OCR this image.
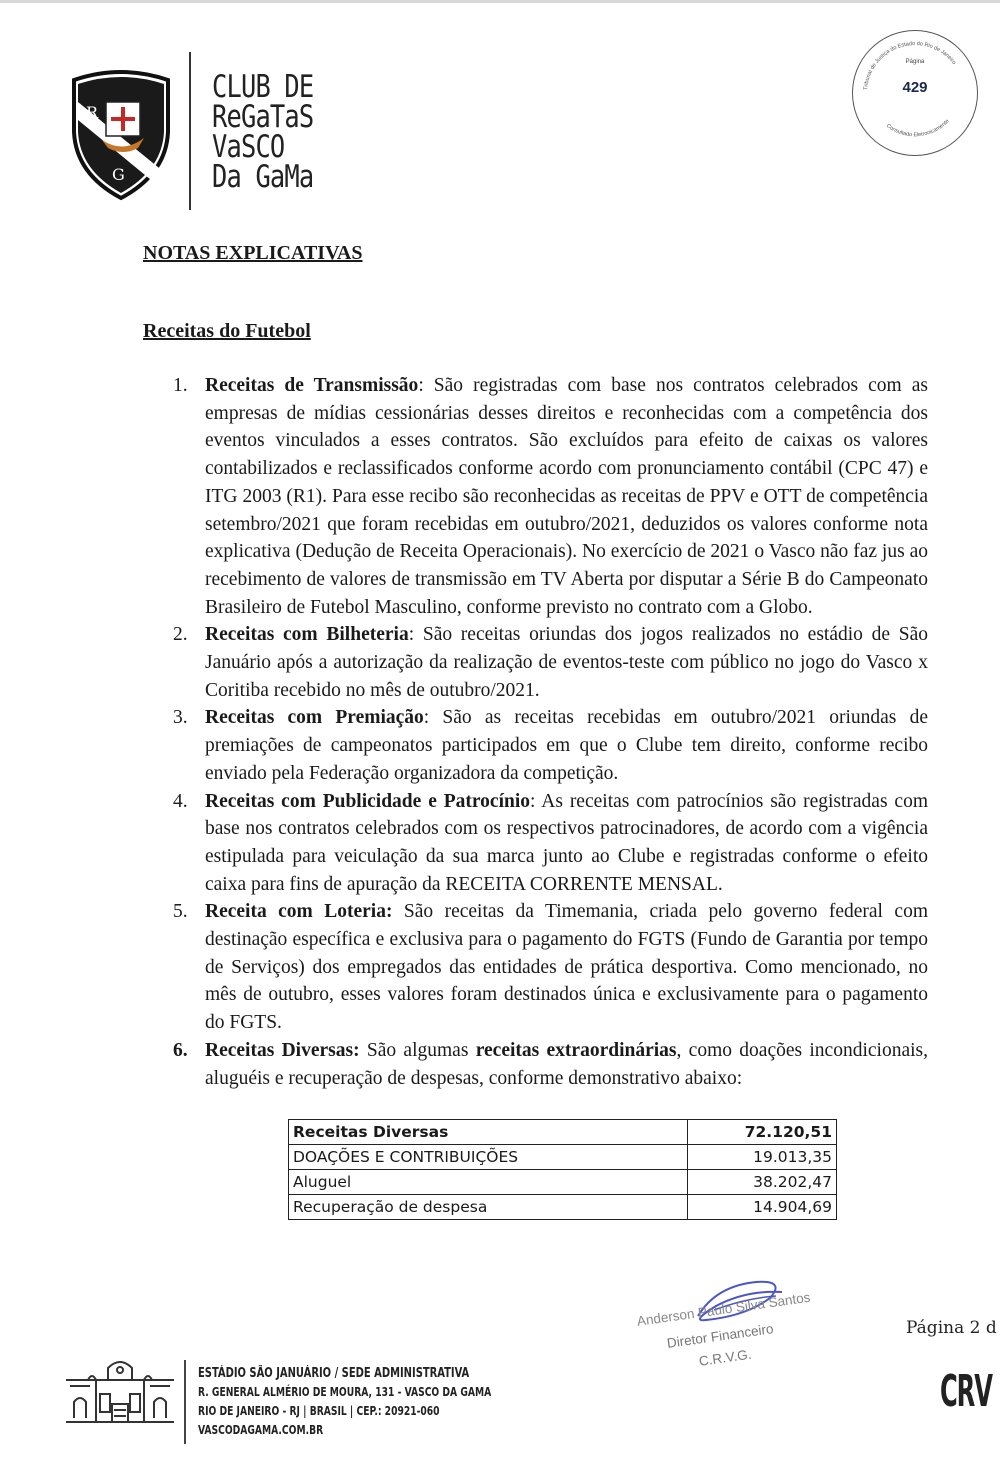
R
G
CLUB DE
ReGaTaS
VaSCO
Da GaMa
Tribunal de Justiça do Estado do Rio de Janeiro
Consultado Eletronicamente
Página
429
NOTAS EXPLICATIVAS
Receitas do Futebol
1. Receitas de Transmissão: São registradas com base nos contratos celebrados com as empresas de mídias cessionárias desses direitos e reconhecidas com a competência dos eventos vinculados a esses contratos. São excluídos para efeito de caixas os valores contabilizados e reclassificados conforme acordo com pronunciamento contábil (CPC 47) e ITG 2003 (R1). Para esse recibo são reconhecidas as receitas de PPV e OTT de competência setembro/2021 que foram recebidas em outubro/2021, deduzidos os valores conforme nota explicativa (Dedução de Receita Operacionais). No exercício de 2021 o Vasco não faz jus ao recebimento de valores de transmissão em TV Aberta por disputar a Série B do Campeonato Brasileiro de Futebol Masculino, conforme previsto no contrato com a Globo.
2. Receitas com Bilheteria: São receitas oriundas dos jogos realizados no estádio de São Januário após a autorização da realização de eventos-teste com público no jogo do Vasco x Coritiba recebido no mês de outubro/2021.
3. Receitas com Premiação: São as receitas recebidas em outubro/2021 oriundas de premiações de campeonatos participados em que o Clube tem direito, conforme recibo enviado pela Federação organizadora da competição.
4. Receitas com Publicidade e Patrocínio: As receitas com patrocínios são registradas com base nos contratos celebrados com os respectivos patrocinadores, de acordo com a vigência estipulada para veiculação da sua marca junto ao Clube e registradas conforme o efeito caixa para fins de apuração da RECEITA CORRENTE MENSAL.
5. Receita com Loteria: São receitas da Timemania, criada pelo governo federal com destinação específica e exclusiva para o pagamento do FGTS (Fundo de Garantia por tempo de Serviços) dos empregados das entidades de prática desportiva. Como mencionado, no mês de outubro, esses valores foram destinados única e exclusivamente para o pagamento do FGTS.
6. Receitas Diversas: São algumas receitas extraordinárias, como doações incondicionais, aluguéis e recuperação de despesas, conforme demonstrativo abaixo:
Receitas Diversas	72.120,51
DOAÇÕES E CONTRIBUIÇÕES	19.013,35
Aluguel	38.202,47
Recuperação de despesa	14.904,69
Anderson Paulo Silva Santos
Diretor Financeiro
C.R.V.G.
Página 2 d
ESTÁDIO SÃO JANUÁRIO / SEDE ADMINISTRATIVA
R. GENERAL ALMÉRIO DE MOURA, 131 - VASCO DA GAMA
RIO DE JANEIRO - RJ | BRASIL | CEP.: 20921-060
VASCODAGAMA.COM.BR
CRV
